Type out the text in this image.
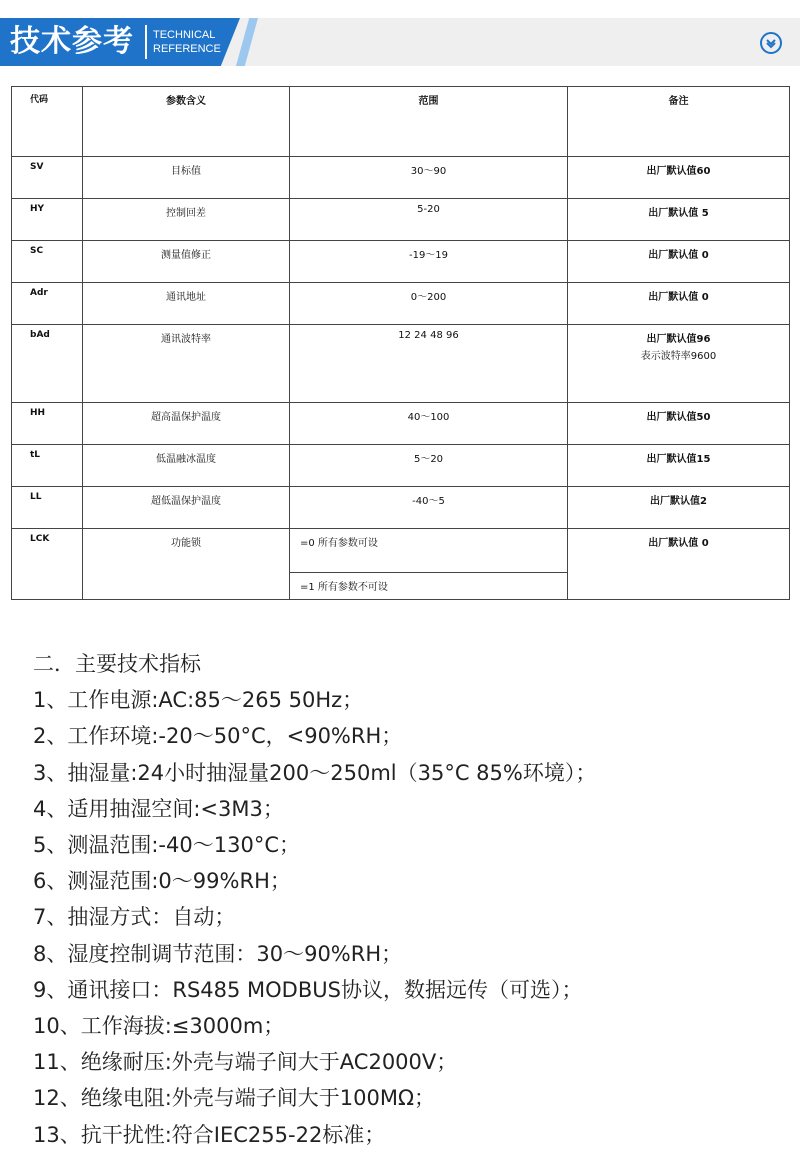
技术参考 TECHNICAL
REFERENCE
代码	参数含义	范围	备注
SV	目标值	30～90	出厂默认值60
HY	控制回差	5-20	出厂默认值 5
SC	测量值修正	-19～19	出厂默认值 0
Adr	通讯地址	0～200	出厂默认值 0
bAd	通讯波特率	12 24 48 96	出厂默认值96
表示波特率9600

HH	超高温保护温度	40～100	出厂默认值50
tL	低温融冰温度	5～20	出厂默认值15
LL	超低温保护温度	-40～5	出厂默认值2
LCK	功能锁	=0 所有参数可设	出厂默认值 0
		=1 所有参数不可设	
二．主要技术指标
1、工作电源:AC:85～265 50Hz；
2、工作环境:-20～50°C，<90%RH；
3、抽湿量:24小时抽湿量200～250ml（35°C 85%环境）；
4、适用抽湿空间:<3M3；
5、测温范围:-40～130°C；
6、测湿范围:0～99%RH；
7、抽湿方式：自动；
8、湿度控制调节范围：30～90%RH；
9、通讯接口：RS485 MODBUS协议，数据远传（可选）；
10、工作海拔:≤3000m；
11、绝缘耐压:外壳与端子间大于AC2000V；
12、绝缘电阻:外壳与端子间大于100MΩ；
13、抗干扰性:符合IEC255-22标准；
